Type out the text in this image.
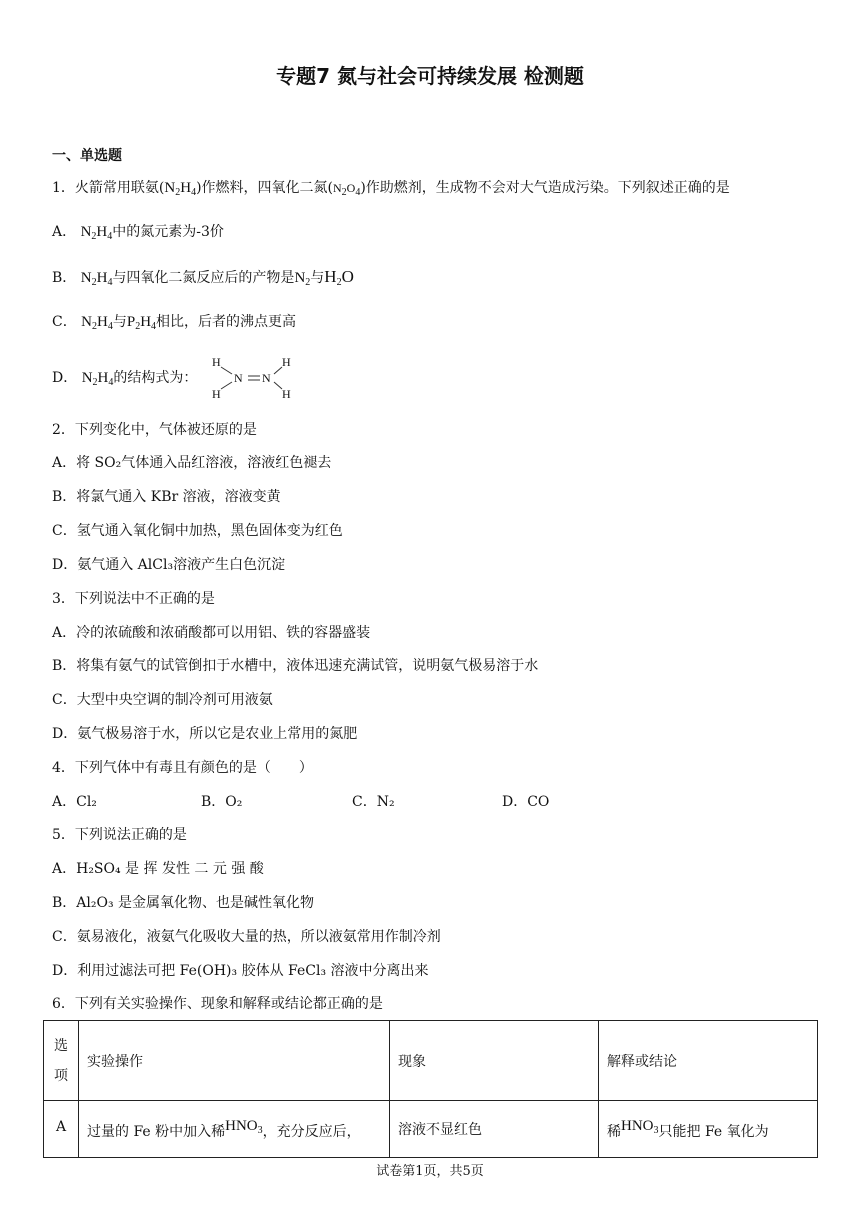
专题7 氮与社会可持续发展 检测题
一、单选题
1．火箭常用联氨$(N_2H_4)$作燃料，四氧化二氮$(N_2O_4)$作助燃剂，生成物不会对大气造成污染。下列叙述正确的是
A． $N_2H_4$中的氮元素为-3价
B． $N_2H_4$与四氧化二氮反应后的产物是$N_2$与$H_2O$
C． $N_2H_4$与$P_2H_4$相比，后者的沸点更高
D． $N_2H_4$的结构式为：
H
H
N N
H
H
2．下列变化中，气体被还原的是
A．将 SO₂气体通入品红溶液，溶液红色褪去
B．将氯气通入 KBr 溶液，溶液变黄
C．氢气通入氧化铜中加热，黑色固体变为红色
D．氨气通入 AlCl₃溶液产生白色沉淀
3．下列说法中不正确的是
A．冷的浓硫酸和浓硝酸都可以用铝、铁的容器盛装
B．将集有氨气的试管倒扣于水槽中，液体迅速充满试管，说明氨气极易溶于水
C．大型中央空调的制冷剂可用液氨
D．氨气极易溶于水，所以它是农业上常用的氮肥
4．下列气体中有毒且有颜色的是（　　）
A．Cl₂	B．O₂	C．N₂	D．CO
5．下列说法正确的是
A．H₂SO₄ 是 挥 发性 二 元 强 酸
B．Al₂O₃ 是金属氧化物、也是碱性氧化物
C．氨易液化，液氨气化吸收大量的热，所以液氨常用作制冷剂
D．利用过滤法可把 Fe(OH)₃ 胶体从 FeCl₃ 溶液中分离出来
6．下列有关实验操作、现象和解释或结论都正确的是
选项	实验操作	现象	解释或结论
A	过量的 Fe 粉中加入稀$HNO_3$，充分反应后，	溶液不显红色	稀$HNO_3$只能把 Fe 氧化为
试卷第1页，共5页
